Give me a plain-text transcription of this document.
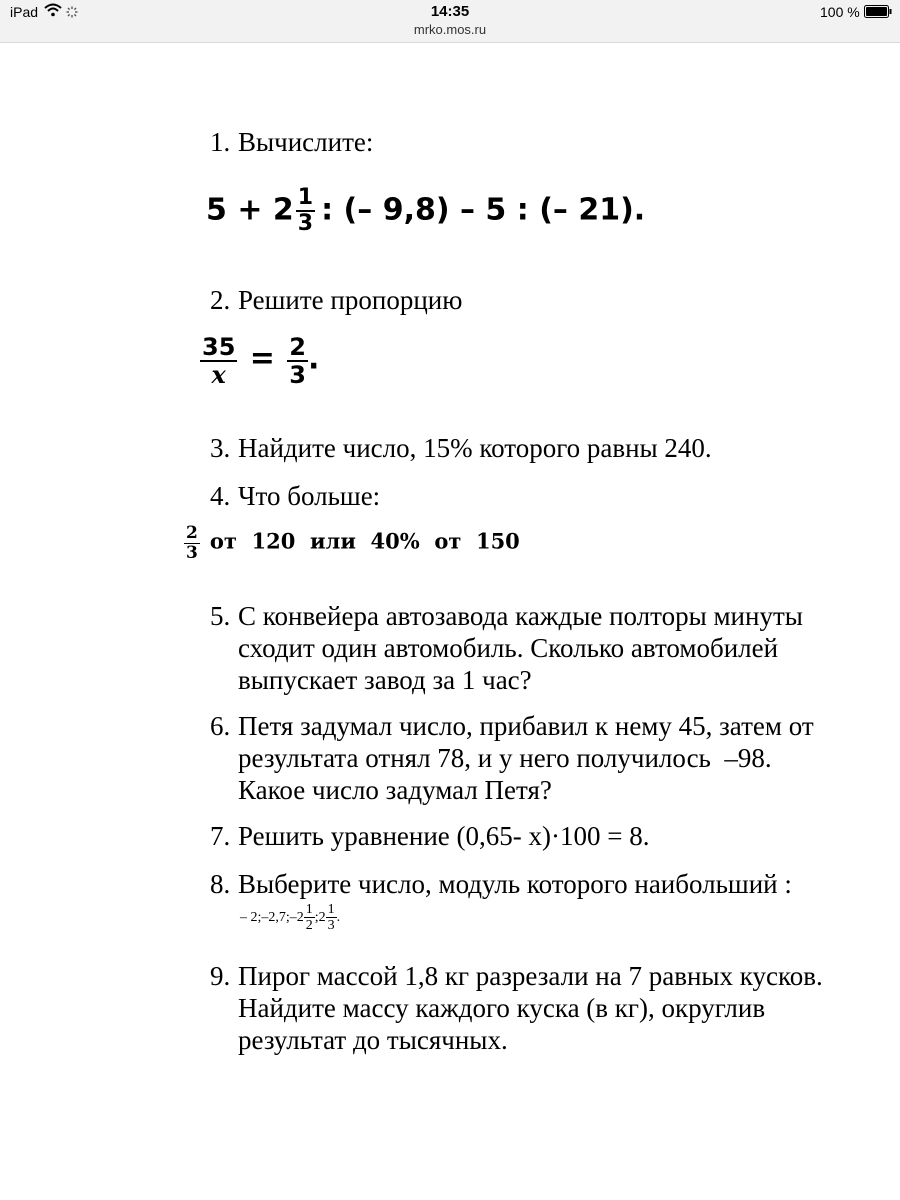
iPad	14:35
mrko.mos.ru
100 %
1. Вычислите:
$5 + 2 \frac{1}{3}$ : (– 9,8) – 5 : (– 21).
2. Решите пропорцию
$\frac{35}{x} = \frac{2}{3}$ .
3. Найдите число, 15% которого равны 240.
4. Что больше:
$\frac{2}{3}$ от  120  или  40%  от  150
5. С конвейера автозавода каждые полторы минуты
сходит один автомобиль. Сколько автомобилей
выпускает завод за 1 час?
6. Петя задумал число, прибавил к нему 45, затем от
результата отнял 78, и у него получилось  –98.
Какое число задумал Петя?
7. Решить уравнение (0,65- x)·100 = 8.
8. Выберите число, модуль которого наибольший :
– 2;–2,7;–2 $\frac{1}{2}$ ;2 $\frac{1}{3}$ .
9. Пирог массой 1,8 кг разрезали на 7 равных кусков.
Найдите массу каждого куска (в кг), округлив
результат до тысячных.
